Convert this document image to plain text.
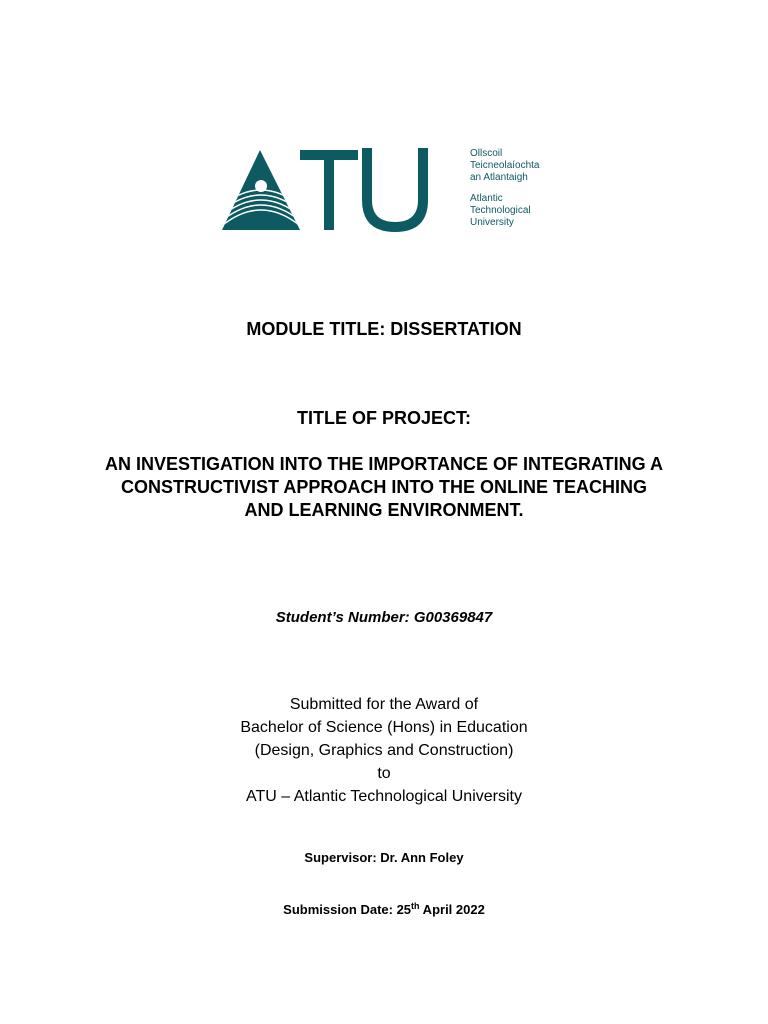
Ollscoil
Teicneolaíochta
an Atlantaigh
Atlantic
Technological
University
MODULE TITLE: DISSERTATION
TITLE OF PROJECT:
AN INVESTIGATION INTO THE IMPORTANCE OF INTEGRATING A CONSTRUCTIVIST APPROACH INTO THE ONLINE TEACHING AND LEARNING ENVIRONMENT.
Student’s Number: G00369847
Submitted for the Award of
Bachelor of Science (Hons) in Education
(Design, Graphics and Construction)
to
ATU – Atlantic Technological University
Supervisor: Dr. Ann Foley
Submission Date: 25th April 2022
